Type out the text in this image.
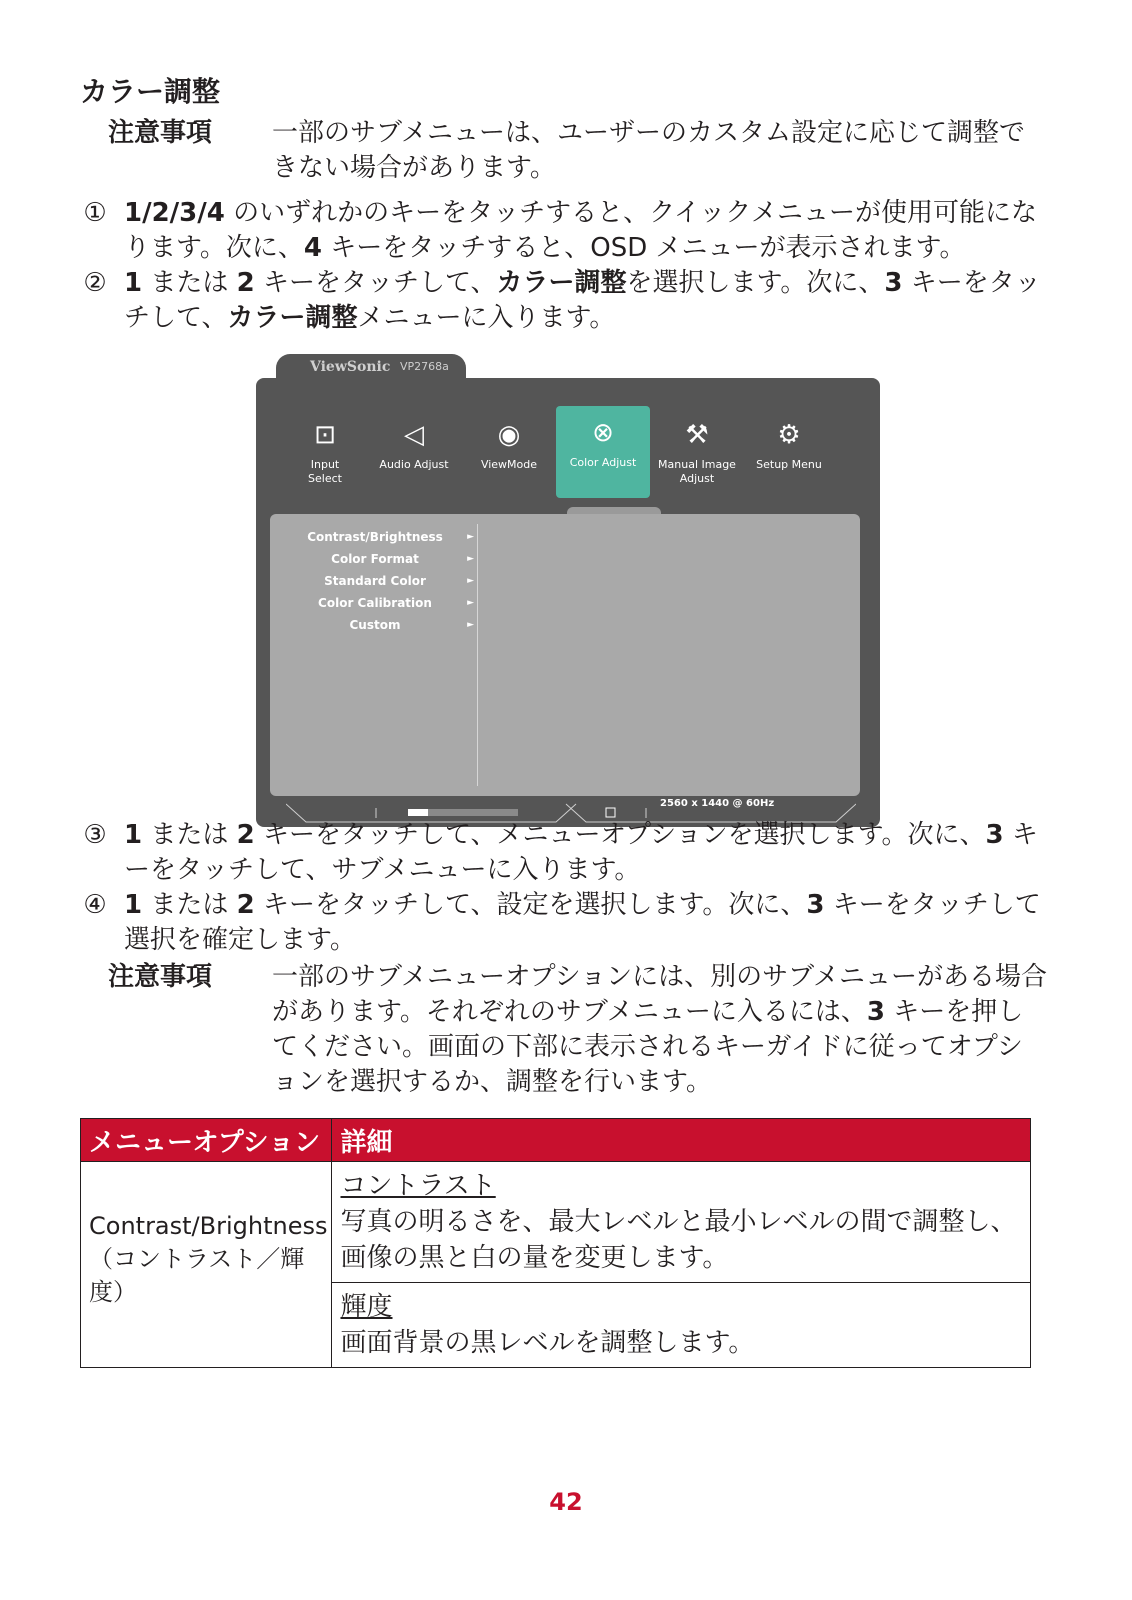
カラー調整
注意事項 一部のサブメニューは、ユーザーのカスタム設定に応じて調整できない場合があります。
① 1/2/3/4 のいずれかのキーをタッチすると、クイックメニューが使用可能になります。次に、4 キーをタッチすると、OSD メニューが表示されます。
② 1 または 2 キーをタッチして、カラー調整を選択します。次に、3 キーをタッチして、カラー調整メニューに入ります。
ViewSonic VP2768a
⊡
Input Select
◁
Audio Adjust
◉
ViewMode
⊗
Color Adjust
⚒
Manual Image Adjust
⚙
Setup Menu
Contrast/Brightness	►
Color Format	►
Standard Color	►
Color Calibration	►
Custom	►
2560 x 1440 @ 60Hz
③ 1 または 2 キーをタッチして、メニューオプションを選択します。次に、3 キーをタッチして、サブメニューに入ります。
④ 1 または 2 キーをタッチして、設定を選択します。次に、3 キーをタッチして選択を確定します。
注意事項 一部のサブメニューオプションには、別のサブメニューがある場合があります。それぞれのサブメニューに入るには、3 キーを押してください。画面の下部に表示されるキーガイドに従ってオプションを選択するか、調整を行います。
メニューオプション	詳細
Contrast/Brightness（コントラスト／輝度）	コントラスト
写真の明るさを、最大レベルと最小レベルの間で調整し、画像の黒と白の量を変更します。

	輝度
画面背景の黒レベルを調整します。
42
